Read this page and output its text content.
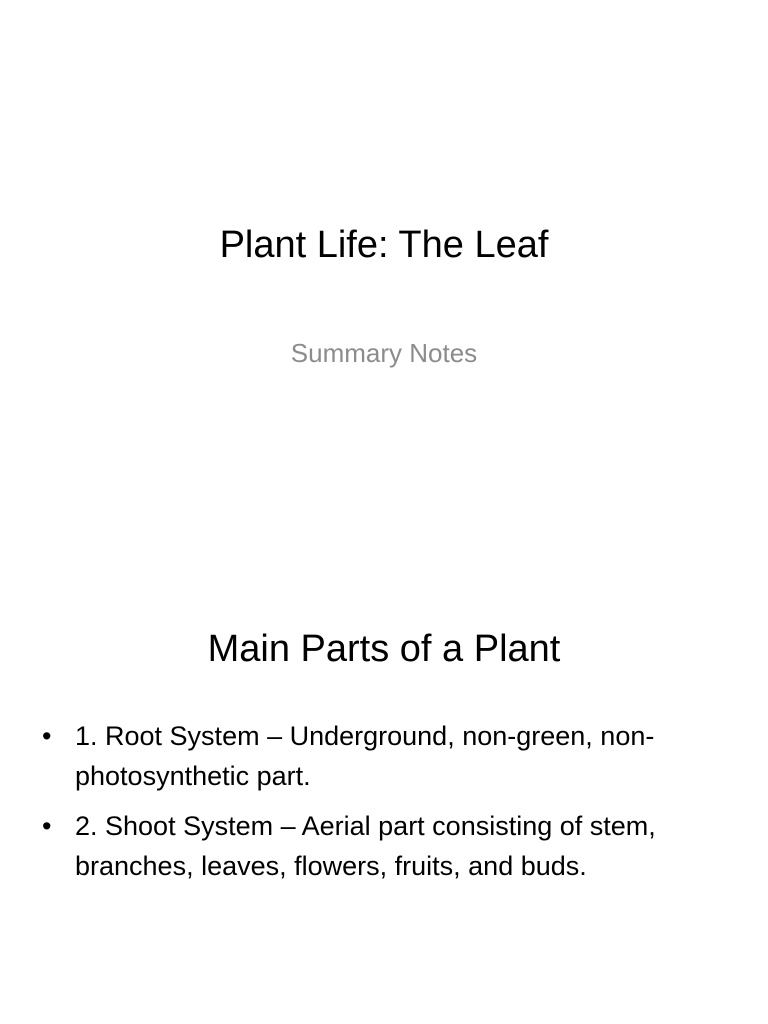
Plant Life: The Leaf

Summary Notes

Main Parts of a Plant
• 1. Root System – Underground, non-green, non-photosynthetic part.
• 2. Shoot System – Aerial part consisting of stem, branches, leaves, flowers, fruits, and buds.
